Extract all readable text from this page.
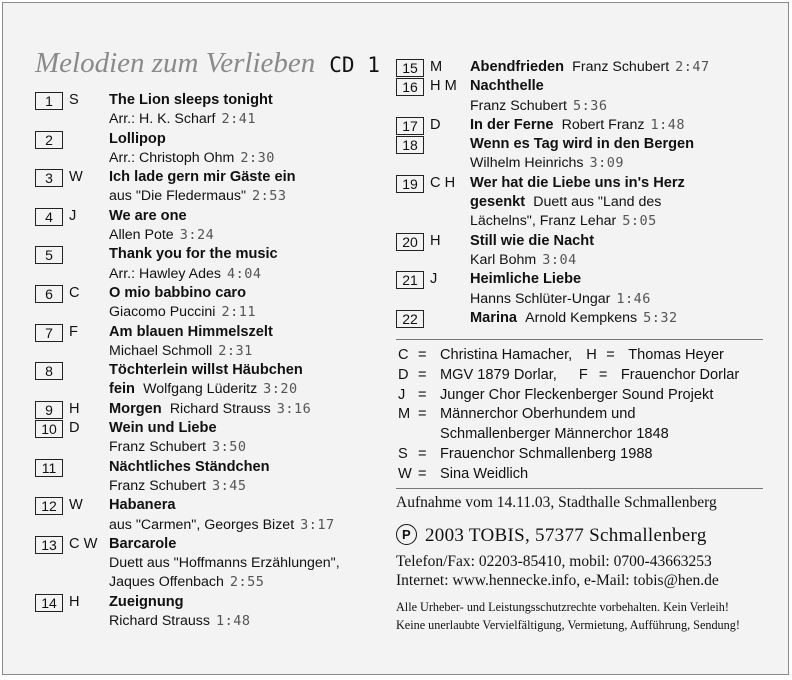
Melodien zum Verlieben CD 1
1	S The Lion sleeps tonight
Arr.: H. K. Scharf 2:41
2	Lollipop
Arr.: Christoph Ohm 2:30
3	W Ich lade gern mir Gäste ein
aus "Die Fledermaus" 2:53
4	J We are one
Allen Pote 3:24
5	Thank you for the music
Arr.: Hawley Ades 4:04
6	C O mio babbino caro
Giacomo Puccini 2:11
7	F Am blauen Himmelszelt
Michael Schmoll 2:31
8	Töchterlein willst Häubchen
fein Wolfgang Lüderitz 3:20
9	H Morgen Richard Strauss 3:16
10 D Wein und Liebe
Franz Schubert 3:50
11	Nächtliches Ständchen
Franz Schubert 3:45
12 W Habanera
aus "Carmen", Georges Bizet 3:17
13 C W Barcarole
Duett aus "Hoffmanns Erzählungen",
Jaques Offenbach 2:55
14 H Zueignung
Richard Strauss 1:48
15 M Abendfrieden Franz Schubert 2:47
16 H M Nachthelle
Franz Schubert 5:36
17 D In der Ferne Robert Franz 1:48
18	Wenn es Tag wird in den Bergen
Wilhelm Heinrichs 3:09
19 C H Wer hat die Liebe uns in's Herz
gesenkt Duett aus "Land des
Lächelns", Franz Lehar 5:05
20 H Still wie die Nacht
Karl Bohm 3:04
21 J Heimliche Liebe
Hanns Schlüter-Ungar 1:46
22	Marina Arnold Kempkens 5:32
C = Christina Hamacher, H = Thomas Heyer
D = MGV 1879 Dorlar, F = Frauenchor Dorlar
J = Junger Chor Fleckenberger Sound Projekt
M = Männerchor Oberhundem und
Schmallenberger Männerchor 1848
S = Frauenchor Schmallenberg 1988
W = Sina Weidlich
Aufnahme vom 14.11.03, Stadthalle Schmallenberg
P 2003 TOBIS, 57377 Schmallenberg
Telefon/Fax: 02203-85410, mobil: 0700-43663253
Internet: www.hennecke.info, e-Mail: tobis@hen.de
Alle Urheber- und Leistungsschutzrechte vorbehalten. Kein Verleih!
Keine unerlaubte Vervielfältigung, Vermietung, Aufführung, Sendung!
